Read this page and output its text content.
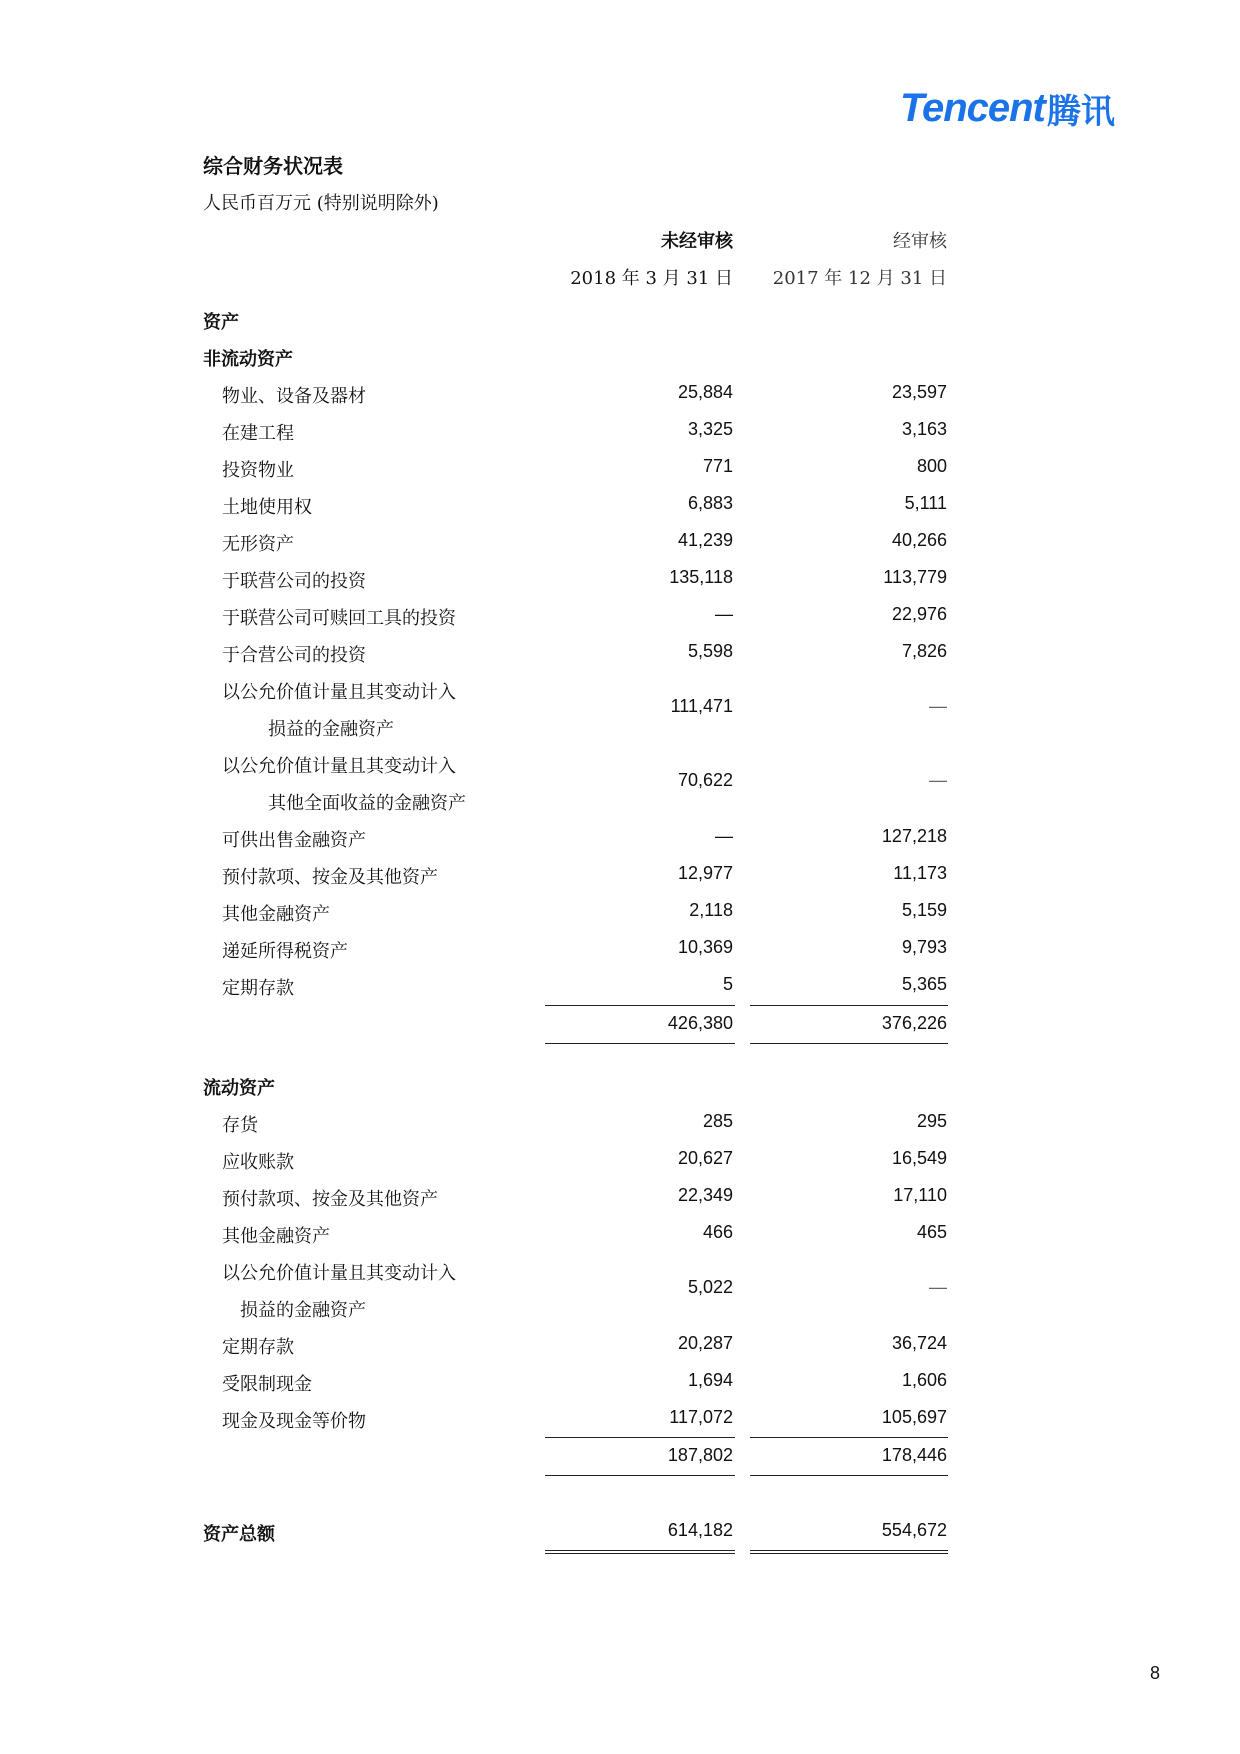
Tencent 腾讯
综合财务状况表
人民币百万元 (特别说明除外)
未经审核	经审核
2018 年 3 月 31 日 2017 年 12 月 31 日
资产
非流动资产
物业、设备及器材	25,884	23,597
在建工程	3,325	3,163
投资物业	771	800
土地使用权	6,883	5,111
无形资产	41,239	40,266
于联营公司的投资	135,118	113,779
于联营公司可赎回工具的投资	—	22,976
于合营公司的投资	5,598	7,826
以公允价值计量且其变动计入
损益的金融资产
111,471	—
以公允价值计量且其变动计入
其他全面收益的金融资产
70,622	—
可供出售金融资产	—	127,218
预付款项、按金及其他资产	12,977	11,173
其他金融资产	2,118	5,159
递延所得税资产	10,369	9,793
定期存款	5	5,365
426,380	376,226
流动资产
存货	285	295
应收账款	20,627	16,549
预付款项、按金及其他资产	22,349	17,110
其他金融资产	466	465
以公允价值计量且其变动计入
损益的金融资产
5,022	—
定期存款	20,287	36,724
受限制现金	1,694	1,606
现金及现金等价物	117,072	105,697
187,802	178,446
资产总额	614,182	554,672
8
